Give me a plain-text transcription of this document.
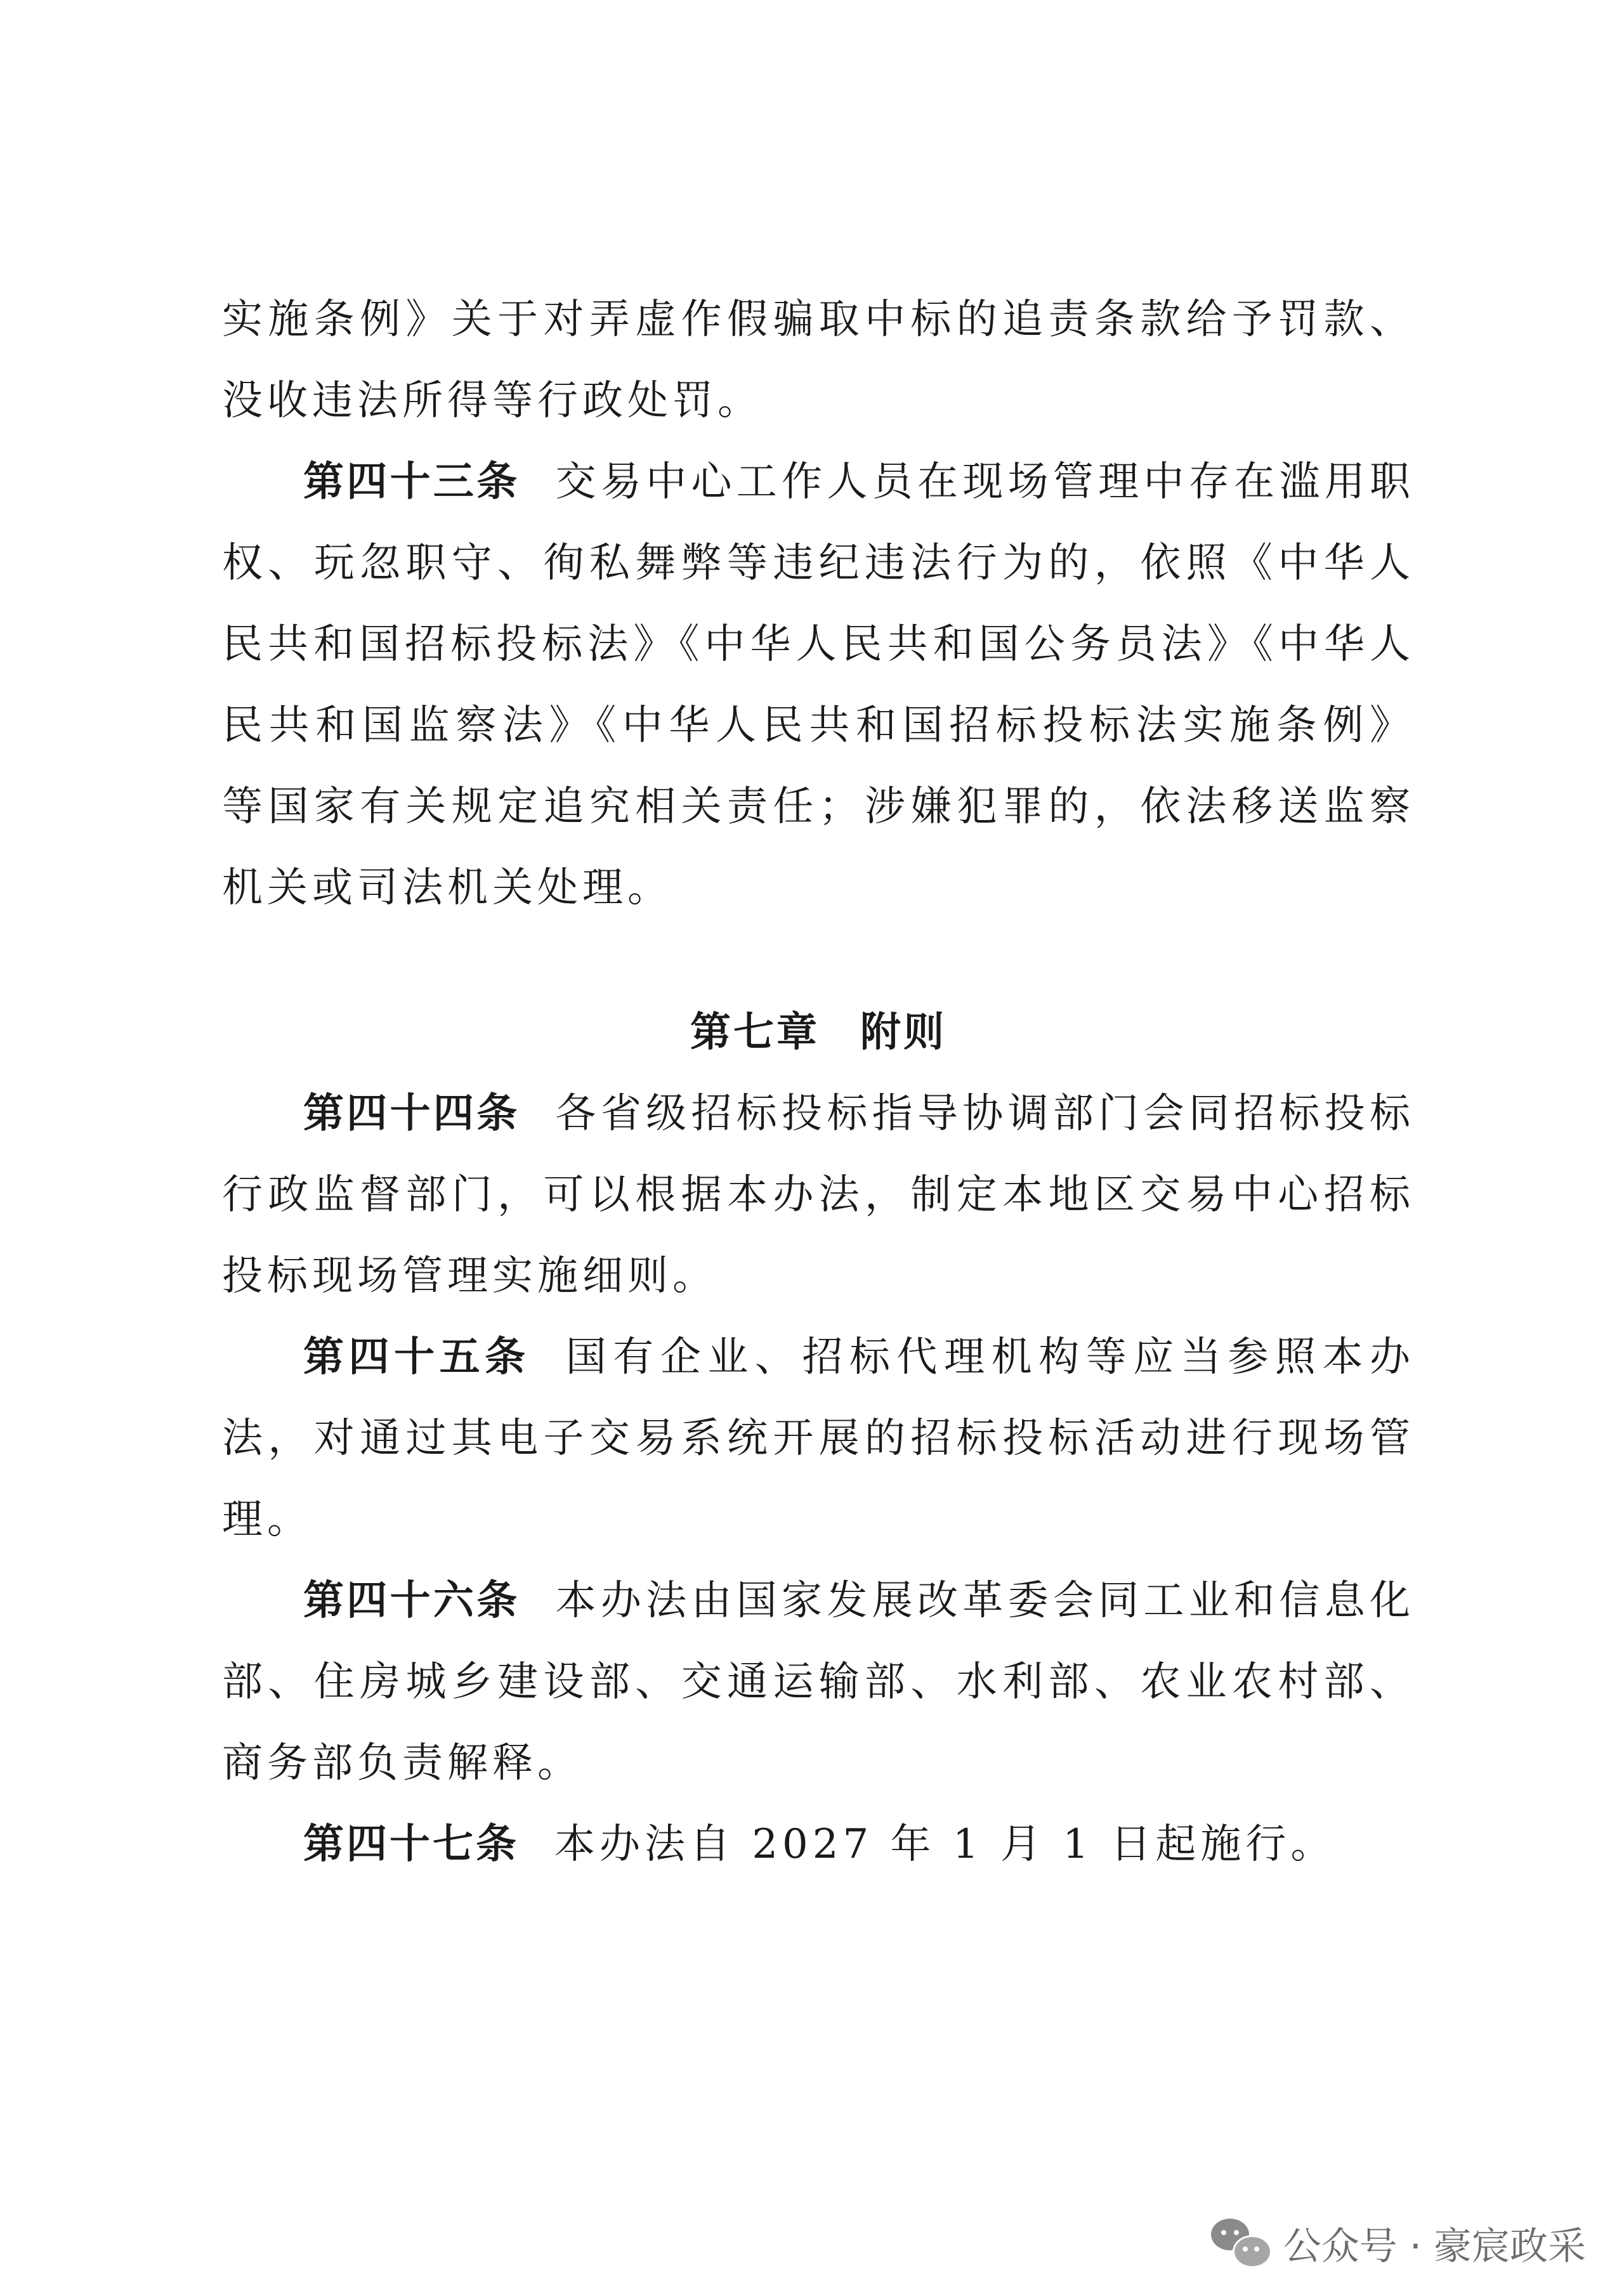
实施条例》关于对弄虚作假骗取中标的追责条款给予罚款、没收违法所得等行政处罚。

第四十三条 交易中心工作人员在现场管理中存在滥用职权、玩忽职守、徇私舞弊等违纪违法行为的，依照《中华人民共和国招标投标法》《中华人民共和国公务员法》《中华人民共和国监察法》《中华人民共和国招标投标法实施条例》等国家有关规定追究相关责任；涉嫌犯罪的，依法移送监察机关或司法机关处理。

第七章 附则

第四十四条 各省级招标投标指导协调部门会同招标投标行政监督部门，可以根据本办法，制定本地区交易中心招标投标现场管理实施细则。

第四十五条 国有企业、招标代理机构等应当参照本办法，对通过其电子交易系统开展的招标投标活动进行现场管理。

第四十六条 本办法由国家发展改革委会同工业和信息化部、住房城乡建设部、交通运输部、水利部、农业农村部、商务部负责解释。

第四十七条 本办法自 2027 年 1 月 1 日起施行。

公众号 · 豪宸政采
